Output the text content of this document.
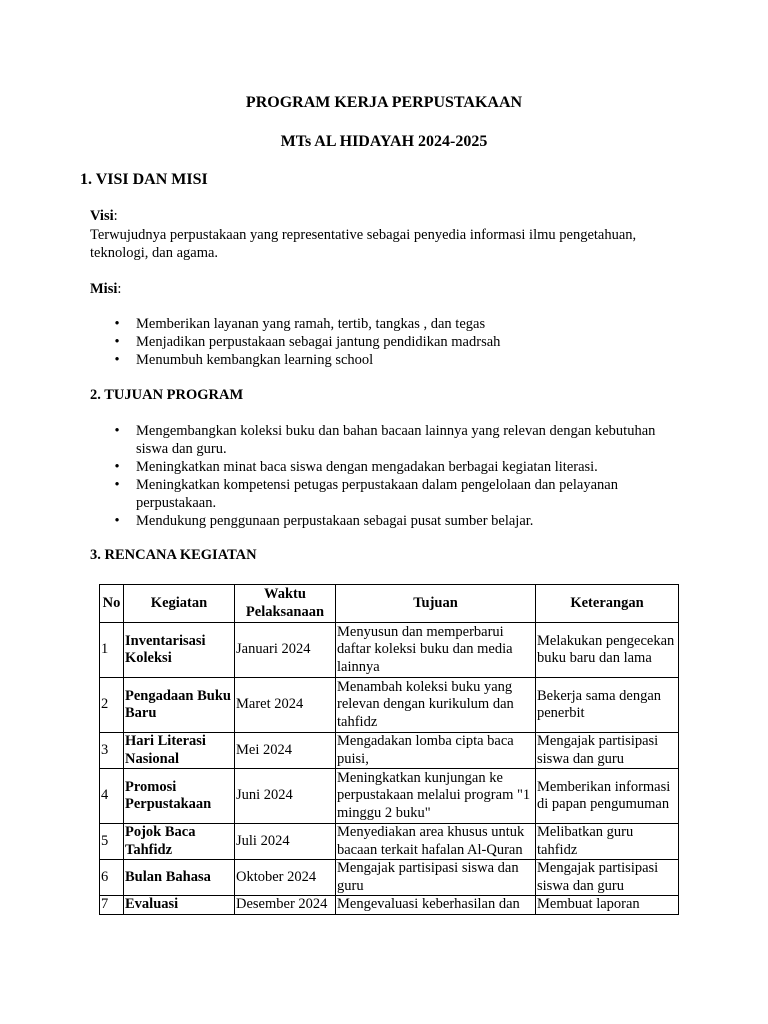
PROGRAM KERJA PERPUSTAKAAN
MTs AL HIDAYAH 2024-2025
1. VISI DAN MISI
Visi:
Terwujudnya perpustakaan yang representative sebagai penyedia informasi ilmu pengetahuan, teknologi, dan agama.
Misi:
•	Memberikan layanan yang ramah, tertib, tangkas , dan tegas
•	Menjadikan perpustakaan sebagai jantung pendidikan madrsah
•	Menumbuh kembangkan learning school
2. TUJUAN PROGRAM
•	Mengembangkan koleksi buku dan bahan bacaan lainnya yang relevan dengan kebutuhan siswa dan guru.
•	Meningkatkan minat baca siswa dengan mengadakan berbagai kegiatan literasi.
•	Meningkatkan kompetensi petugas perpustakaan dalam pengelolaan dan pelayanan perpustakaan.
•	Mendukung penggunaan perpustakaan sebagai pusat sumber belajar.
3. RENCANA KEGIATAN
No	Kegiatan	Waktu Pelaksanaan	Tujuan	Keterangan
1	Inventarisasi Koleksi	Januari 2024	Menyusun dan memperbarui daftar koleksi buku dan media lainnya	Melakukan pengecekan buku baru dan lama
2	Pengadaan Buku Baru	Maret 2024	Menambah koleksi buku yang relevan dengan kurikulum dan tahfidz	Bekerja sama dengan penerbit
3	Hari Literasi Nasional	Mei 2024	Mengadakan lomba cipta baca puisi,	Mengajak partisipasi siswa dan guru
4	Promosi Perpustakaan	Juni 2024	Meningkatkan kunjungan ke perpustakaan melalui program "1 minggu 2 buku"	Memberikan informasi di papan pengumuman
5	Pojok Baca Tahfidz	Juli 2024	Menyediakan area khusus untuk bacaan terkait hafalan Al-Quran	Melibatkan guru tahfidz
6	Bulan Bahasa	Oktober 2024	Mengajak partisipasi siswa dan guru	Mengajak partisipasi siswa dan guru
7	Evaluasi	Desember 2024	Mengevaluasi keberhasilan dan	Membuat laporan
